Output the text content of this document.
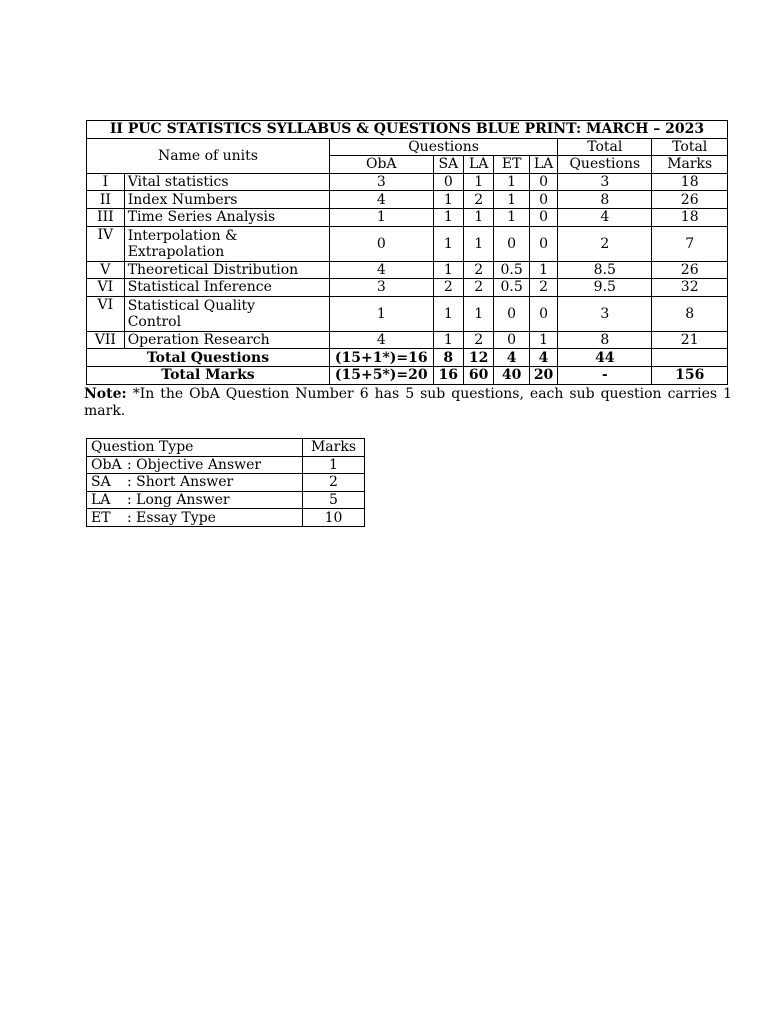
II PUC STATISTICS SYLLABUS & QUESTIONS BLUE PRINT: MARCH – 2023								
Name of units		Questions					Total	Total
		ObA	SA	LA	ET	LA	Questions	Marks
I	Vital statistics	3	0	1	1	0	3	18
II	Index Numbers	4	1	2	1	0	8	26
III	Time Series Analysis	1	1	1	1	0	4	18
IV	Interpolation &
Extrapolation	0	1	1	0	0	2	7
V	Theoretical Distribution	4	1	2	0.5	1	8.5	26
VI	Statistical Inference	3	2	2	0.5	2	9.5	32
VI	Statistical Quality
Control	1	1	1	0	0	3	8
VII	Operation Research	4	1	2	0	1	8	21
Total Questions		(15+1*)=16	8	12	4	4	44	
Total Marks		(15+5*)=20	16	60	40	20	-	156
Note: *In the ObA Question Number 6 has 5 sub questions, each sub question carries 1 mark.
Question Type	Marks
ObA : Objective Answer	1
SA : Short Answer	2
LA : Long Answer	5
ET : Essay Type	10
